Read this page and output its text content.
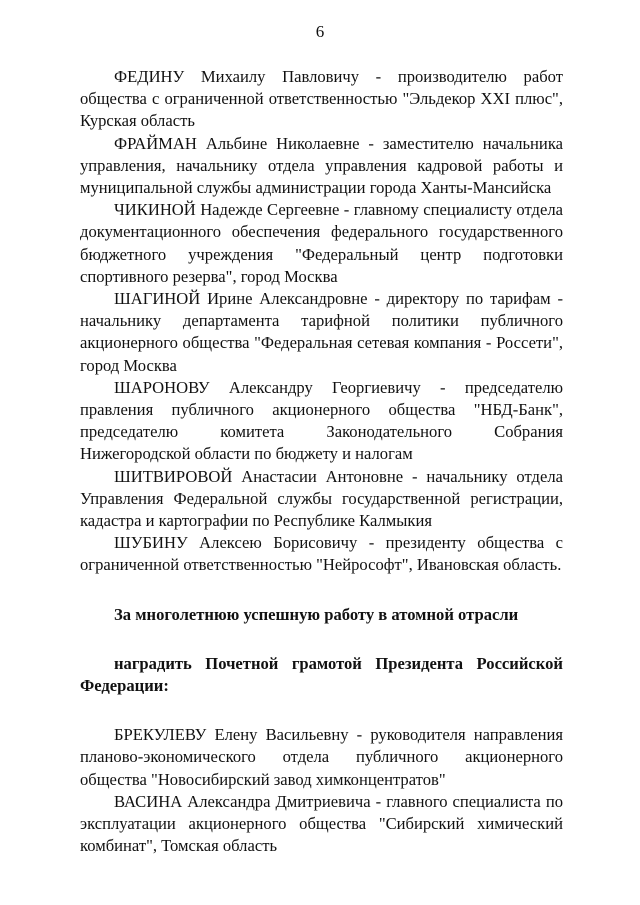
6

ФЕДИНУ Михаилу Павловичу - производителю работ общества с ограниченной ответственностью "Эльдекор XXI плюс", Курская область

ФРАЙМАН Альбине Николаевне - заместителю начальника управления, начальнику отдела управления кадровой работы и муниципальной службы администрации города Ханты-Мансийска

ЧИКИНОЙ Надежде Сергеевне - главному специалисту отдела документационного обеспечения федерального государственного бюджетного учреждения "Федеральный центр подготовки спортивного резерва", город Москва

ШАГИНОЙ Ирине Александровне - директору по тарифам - начальнику департамента тарифной политики публичного акционерного общества "Федеральная сетевая компания - Россети", город Москва

ШАРОНОВУ Александру Георгиевичу - председателю правления публичного акционерного общества "НБД-Банк", председателю комитета Законодательного Собрания Нижегородской области по бюджету и налогам

ШИТВИРОВОЙ Анастасии Антоновне - начальнику отдела Управления Федеральной службы государственной регистрации, кадастра и картографии по Республике Калмыкия

ШУБИНУ Алексею Борисовичу - президенту общества с ограниченной ответственностью "Нейрософт", Ивановская область.

За многолетнюю успешную работу в атомной отрасли

наградить Почетной грамотой Президента Российской Федерации:

БРЕКУЛЕВУ Елену Васильевну - руководителя направления планово-экономического отдела публичного акционерного общества "Новосибирский завод химконцентратов"

ВАСИНА Александра Дмитриевича - главного специалиста по эксплуатации акционерного общества "Сибирский химический комбинат", Томская область
